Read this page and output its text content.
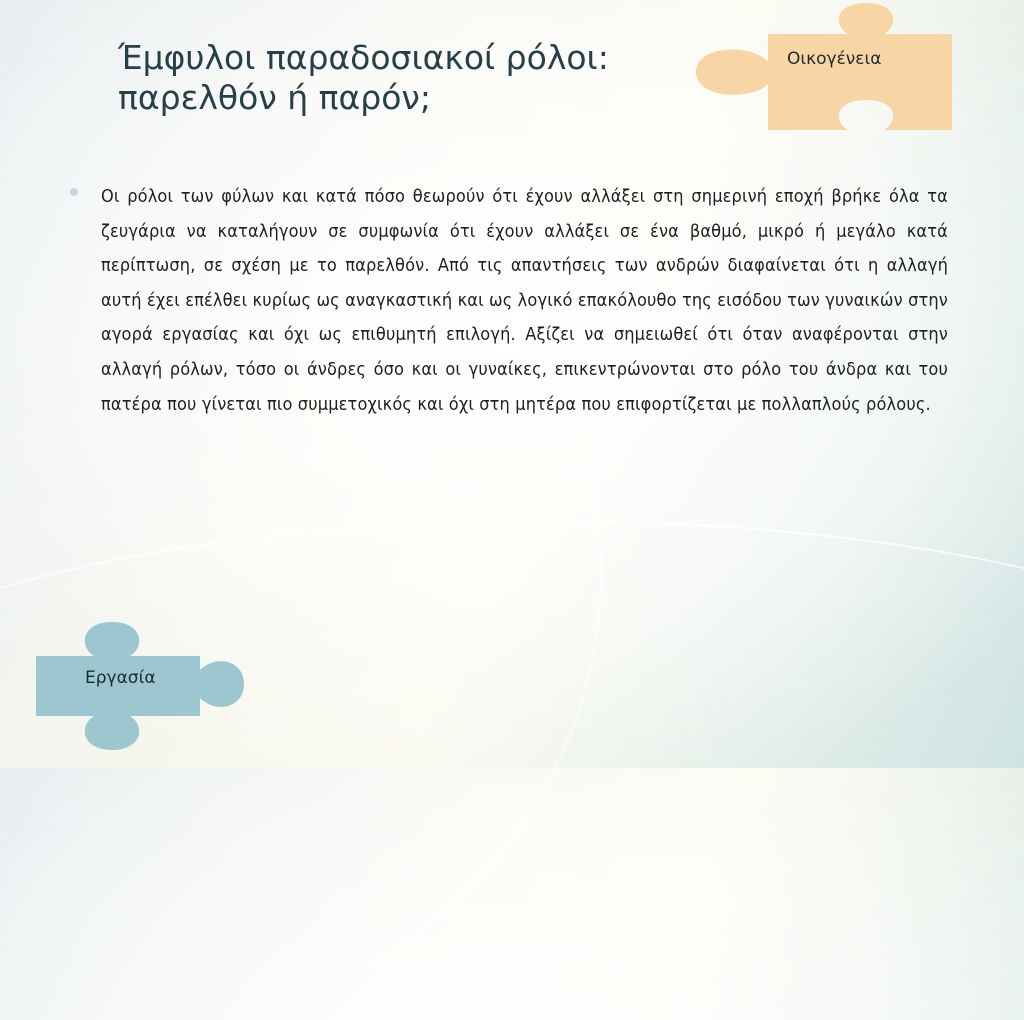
Έμφυλοι παραδοσιακοί ρόλοι:
παρελθόν ή παρόν;
Οικογένεια
Εργασία
Οι ρόλοι των φύλων και κατά πόσο θεωρούν ότι έχουν αλλάξει στη σημερινή εποχή βρήκε όλα τα ζευγάρια να καταλήγουν σε συμφωνία ότι έχουν αλλάξει σε ένα βαθμό, μικρό ή μεγάλο κατά περίπτωση, σε σχέση με το παρελθόν. Από τις απαντήσεις των ανδρών διαφαίνεται ότι η αλλαγή αυτή έχει επέλθει κυρίως ως αναγκαστική και ως λογικό επακόλουθο της εισόδου των γυναικών στην αγορά εργασίας και όχι ως επιθυμητή επιλογή. Αξίζει να σημειωθεί ότι όταν αναφέρονται στην αλλαγή ρόλων, τόσο οι άνδρες όσο και οι γυναίκες, επικεντρώνονται στο ρόλο του άνδρα και του πατέρα που γίνεται πιο συμμετοχικός και όχι στη μητέρα που επιφορτίζεται με πολλαπλούς ρόλους.
